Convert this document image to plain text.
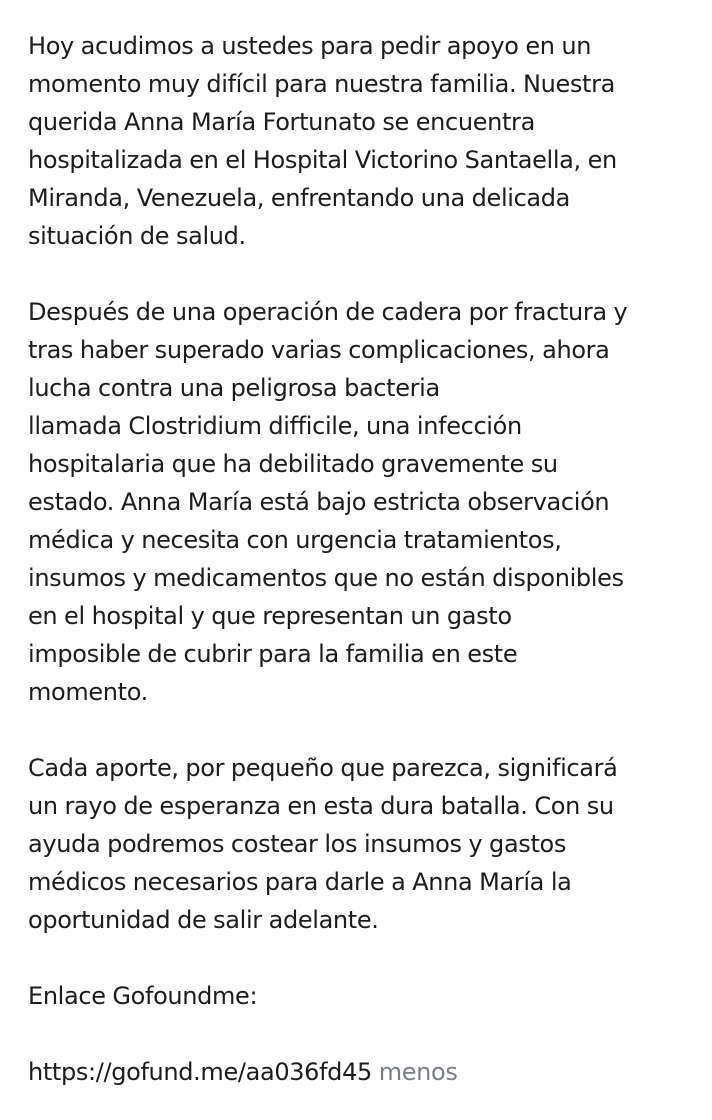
Hoy acudimos a ustedes para pedir apoyo en un
momento muy difícil para nuestra familia. Nuestra
querida Anna María Fortunato se encuentra
hospitalizada en el Hospital Victorino Santaella, en
Miranda, Venezuela, enfrentando una delicada
situación de salud.
Después de una operación de cadera por fractura y
tras haber superado varias complicaciones, ahora
lucha contra una peligrosa bacteria
llamada Clostridium difficile, una infección
hospitalaria que ha debilitado gravemente su
estado. Anna María está bajo estricta observación
médica y necesita con urgencia tratamientos,
insumos y medicamentos que no están disponibles
en el hospital y que representan un gasto
imposible de cubrir para la familia en este
momento.
Cada aporte, por pequeño que parezca, significará
un rayo de esperanza en esta dura batalla. Con su
ayuda podremos costear los insumos y gastos
médicos necesarios para darle a Anna María la
oportunidad de salir adelante.
Enlace Gofoundme:
https://gofund.me/aa036fd45 menos
